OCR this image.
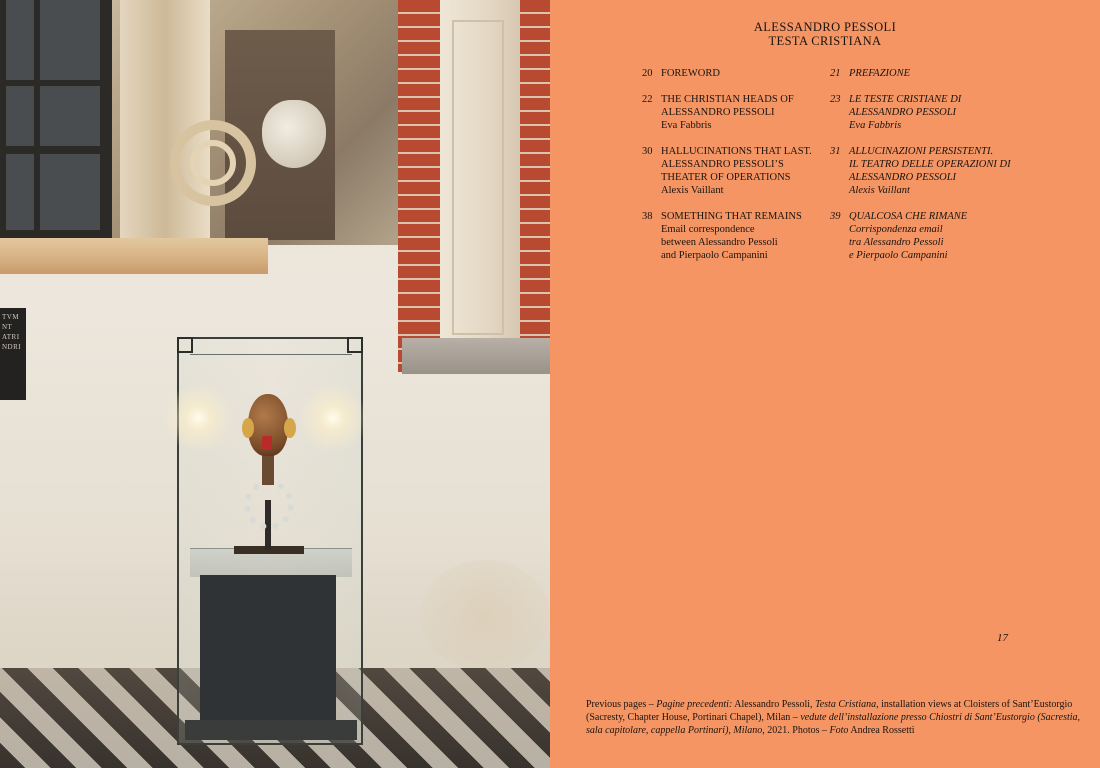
TVM
NT
ATRI
NDRI
ALESSANDRO PESSOLI
TESTA CRISTIANA
20 FOREWORD
22 THE CHRISTIAN HEADS OF
ALESSANDRO PESSOLI
Eva Fabbris
30 HALLUCINATIONS THAT LAST.
ALESSANDRO PESSOLI’S
THEATER OF OPERATIONS
Alexis Vaillant
38 SOMETHING THAT REMAINS
Email correspondence
between Alessandro Pessoli
and Pierpaolo Campanini
21 PREFAZIONE
23 LE TESTE CRISTIANE DI
ALESSANDRO PESSOLI
Eva Fabbris
31 ALLUCINAZIONI PERSISTENTI.
IL TEATRO DELLE OPERAZIONI DI
ALESSANDRO PESSOLI
Alexis Vaillant
39 QUALCOSA CHE RIMANE
Corrispondenza email
tra Alessandro Pessoli
e Pierpaolo Campanini
17
Previous pages – Pagine precedenti: Alessandro Pessoli, Testa Cristiana, installation views at Cloisters of Sant’Eustorgio (Sacresty, Chapter House, Portinari Chapel), Milan – vedute dell’installazione presso Chiostri di Sant’Eustorgio (Sacrestia, sala capitolare, cappella Portinari), Milano, 2021. Photos – Foto Andrea Rossetti
